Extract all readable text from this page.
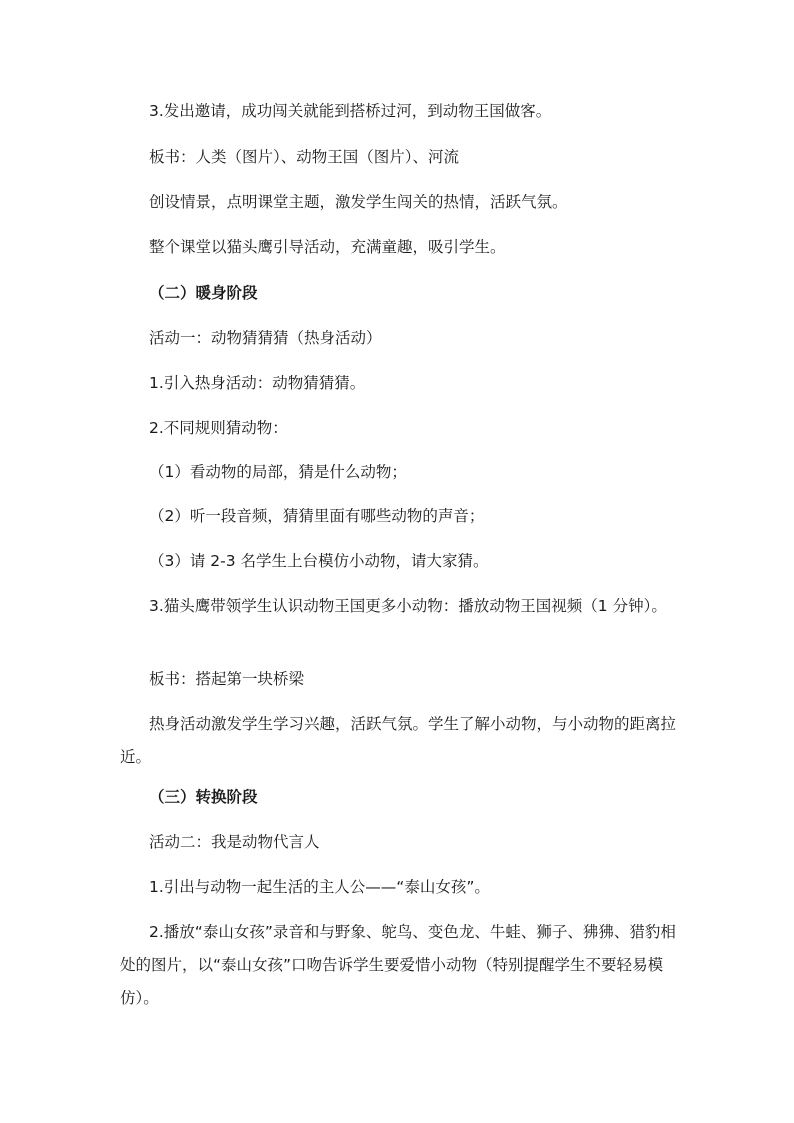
3.发出邀请，成功闯关就能到搭桥过河，到动物王国做客。

板书：人类（图片）、动物王国（图片）、河流

创设情景，点明课堂主题，激发学生闯关的热情，活跃气氛。

整个课堂以猫头鹰引导活动，充满童趣，吸引学生。

（二）暖身阶段

活动一：动物猜猜猜（热身活动）

1.引入热身活动：动物猜猜猜。

2.不同规则猜动物：

（1）看动物的局部，猜是什么动物；

（2）听一段音频，猜猜里面有哪些动物的声音；

（3）请 2-3 名学生上台模仿小动物，请大家猜。

3.猫头鹰带领学生认识动物王国更多小动物：播放动物王国视频（1 分钟）。

板书：搭起第一块桥梁

热身活动激发学生学习兴趣，活跃气氛。学生了解小动物，与小动物的距离拉近。

（三）转换阶段

活动二：我是动物代言人

1.引出与动物一起生活的主人公——“泰山女孩”。

2.播放“泰山女孩”录音和与野象、鸵鸟、变色龙、牛蛙、狮子、狒狒、猎豹相处的图片，以“泰山女孩”口吻告诉学生要爱惜小动物（特别提醒学生不要轻易模仿）。
